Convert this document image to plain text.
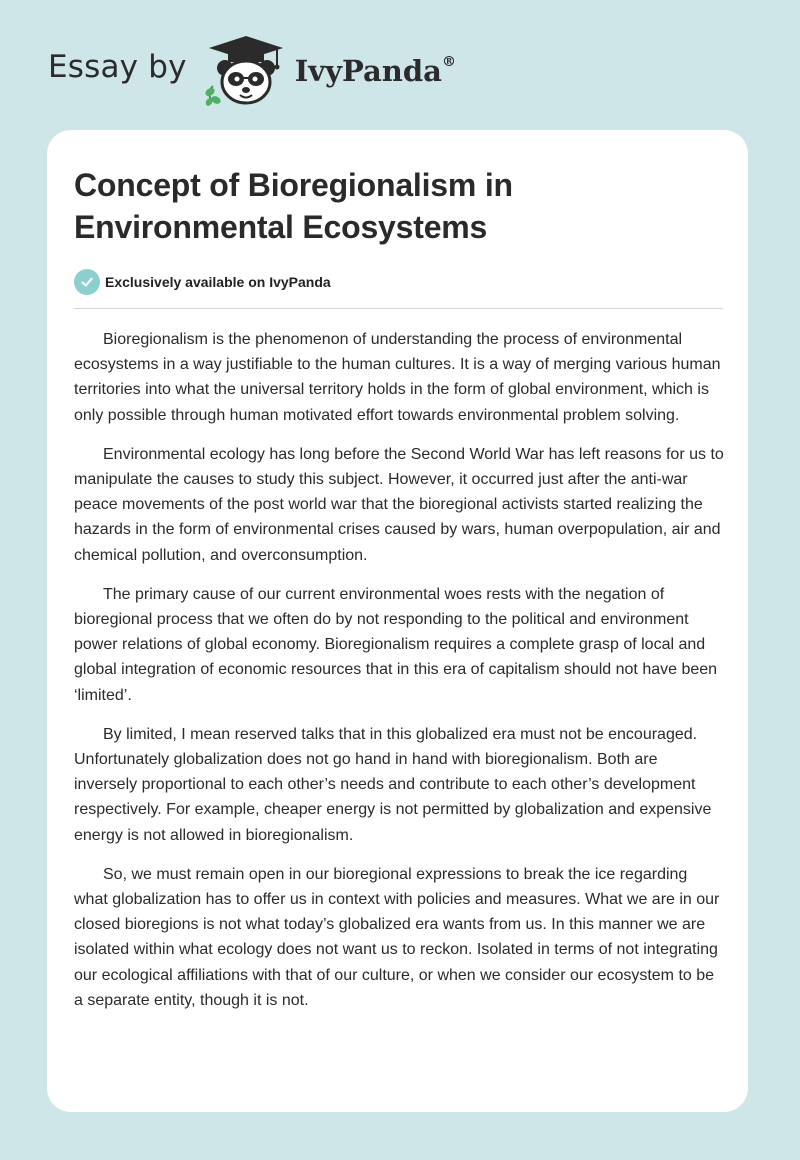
Essay by	IvyPanda®
Concept of Bioregionalism in Environmental Ecosystems
Exclusively available on IvyPanda

Bioregionalism is the phenomenon of understanding the process of environmental ecosystems in a way justifiable to the human cultures. It is a way of merging various human territories into what the universal territory holds in the form of global environment, which is only possible through human motivated effort towards environmental problem solving.

Environmental ecology has long before the Second World War has left reasons for us to manipulate the causes to study this subject. However, it occurred just after the anti-war peace movements of the post world war that the bioregional activists started realizing the hazards in the form of environmental crises caused by wars, human overpopulation, air and chemical pollution, and overconsumption.

The primary cause of our current environmental woes rests with the negation of bioregional process that we often do by not responding to the political and environment power relations of global economy. Bioregionalism requires a complete grasp of local and global integration of economic resources that in this era of capitalism should not have been ‘limited’.

By limited, I mean reserved talks that in this globalized era must not be encouraged. Unfortunately globalization does not go hand in hand with bioregionalism. Both are inversely proportional to each other’s needs and contribute to each other’s development respectively. For example, cheaper energy is not permitted by globalization and expensive energy is not allowed in bioregionalism.

So, we must remain open in our bioregional expressions to break the ice regarding what globalization has to offer us in context with policies and measures. What we are in our closed bioregions is not what today’s globalized era wants from us. In this manner we are isolated within what ecology does not want us to reckon. Isolated in terms of not integrating our ecological affiliations with that of our culture, or when we consider our ecosystem to be a separate entity, though it is not.
